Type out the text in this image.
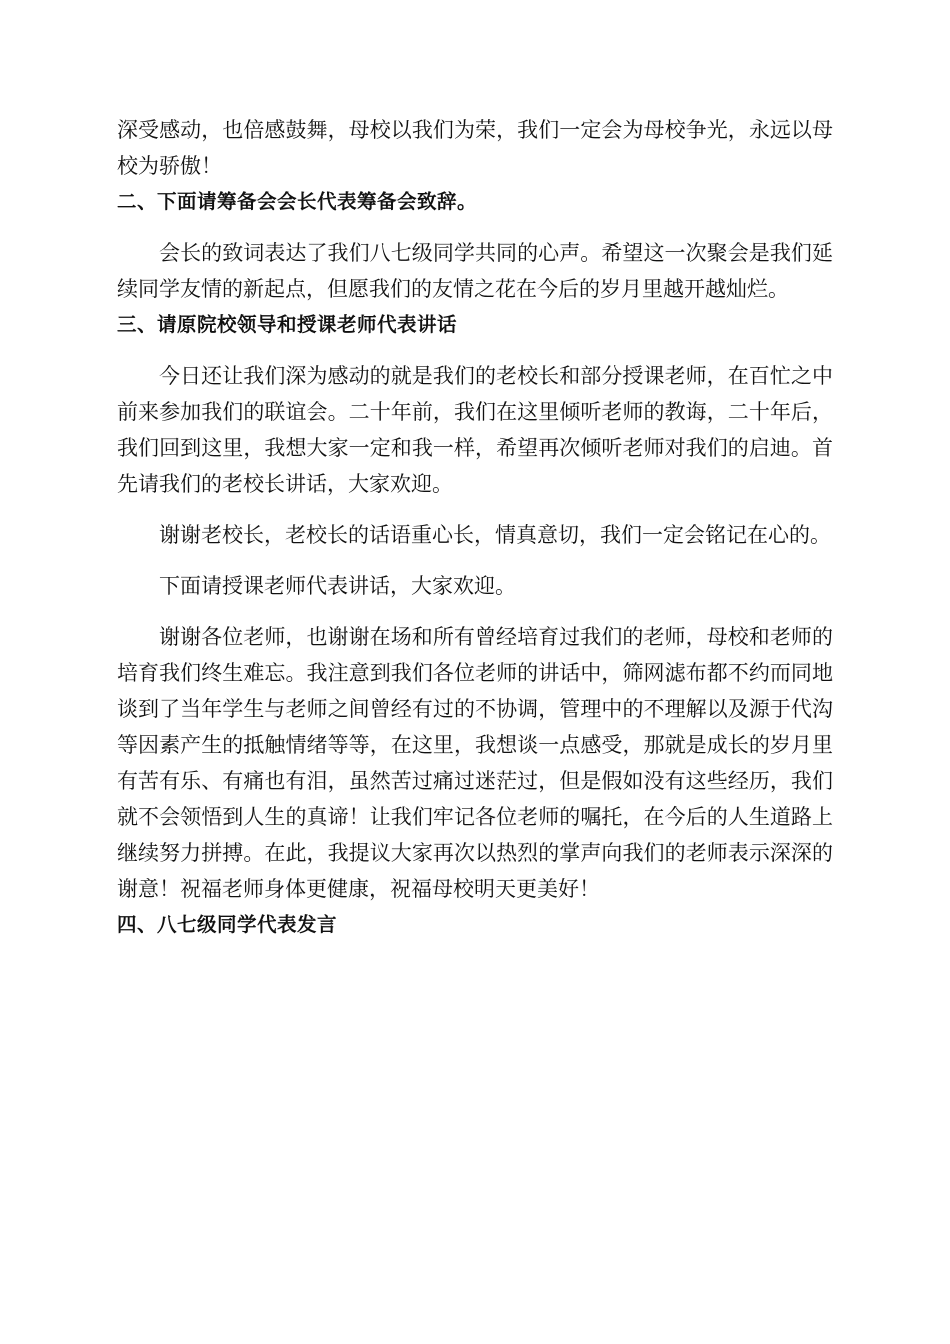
深受感动，也倍感鼓舞，母校以我们为荣，我们一定会为母校争光，永远以母校为骄傲！

二、下面请筹备会会长代表筹备会致辞。

会长的致词表达了我们八七级同学共同的心声。希望这一次聚会是我们延续同学友情的新起点，但愿我们的友情之花在今后的岁月里越开越灿烂。

三、请原院校领导和授课老师代表讲话

今日还让我们深为感动的就是我们的老校长和部分授课老师，在百忙之中前来参加我们的联谊会。二十年前，我们在这里倾听老师的教诲，二十年后，我们回到这里，我想大家一定和我一样，希望再次倾听老师对我们的启迪。首先请我们的老校长讲话，大家欢迎。

谢谢老校长，老校长的话语重心长，情真意切，我们一定会铭记在心的。

下面请授课老师代表讲话，大家欢迎。

谢谢各位老师，也谢谢在场和所有曾经培育过我们的老师，母校和老师的培育我们终生难忘。我注意到我们各位老师的讲话中，筛网滤布都不约而同地谈到了当年学生与老师之间曾经有过的不协调，管理中的不理解以及源于代沟等因素产生的抵触情绪等等，在这里，我想谈一点感受，那就是成长的岁月里有苦有乐、有痛也有泪，虽然苦过痛过迷茫过，但是假如没有这些经历，我们就不会领悟到人生的真谛！让我们牢记各位老师的嘱托，在今后的人生道路上继续努力拼搏。在此，我提议大家再次以热烈的掌声向我们的老师表示深深的谢意！祝福老师身体更健康，祝福母校明天更美好！

四、八七级同学代表发言
